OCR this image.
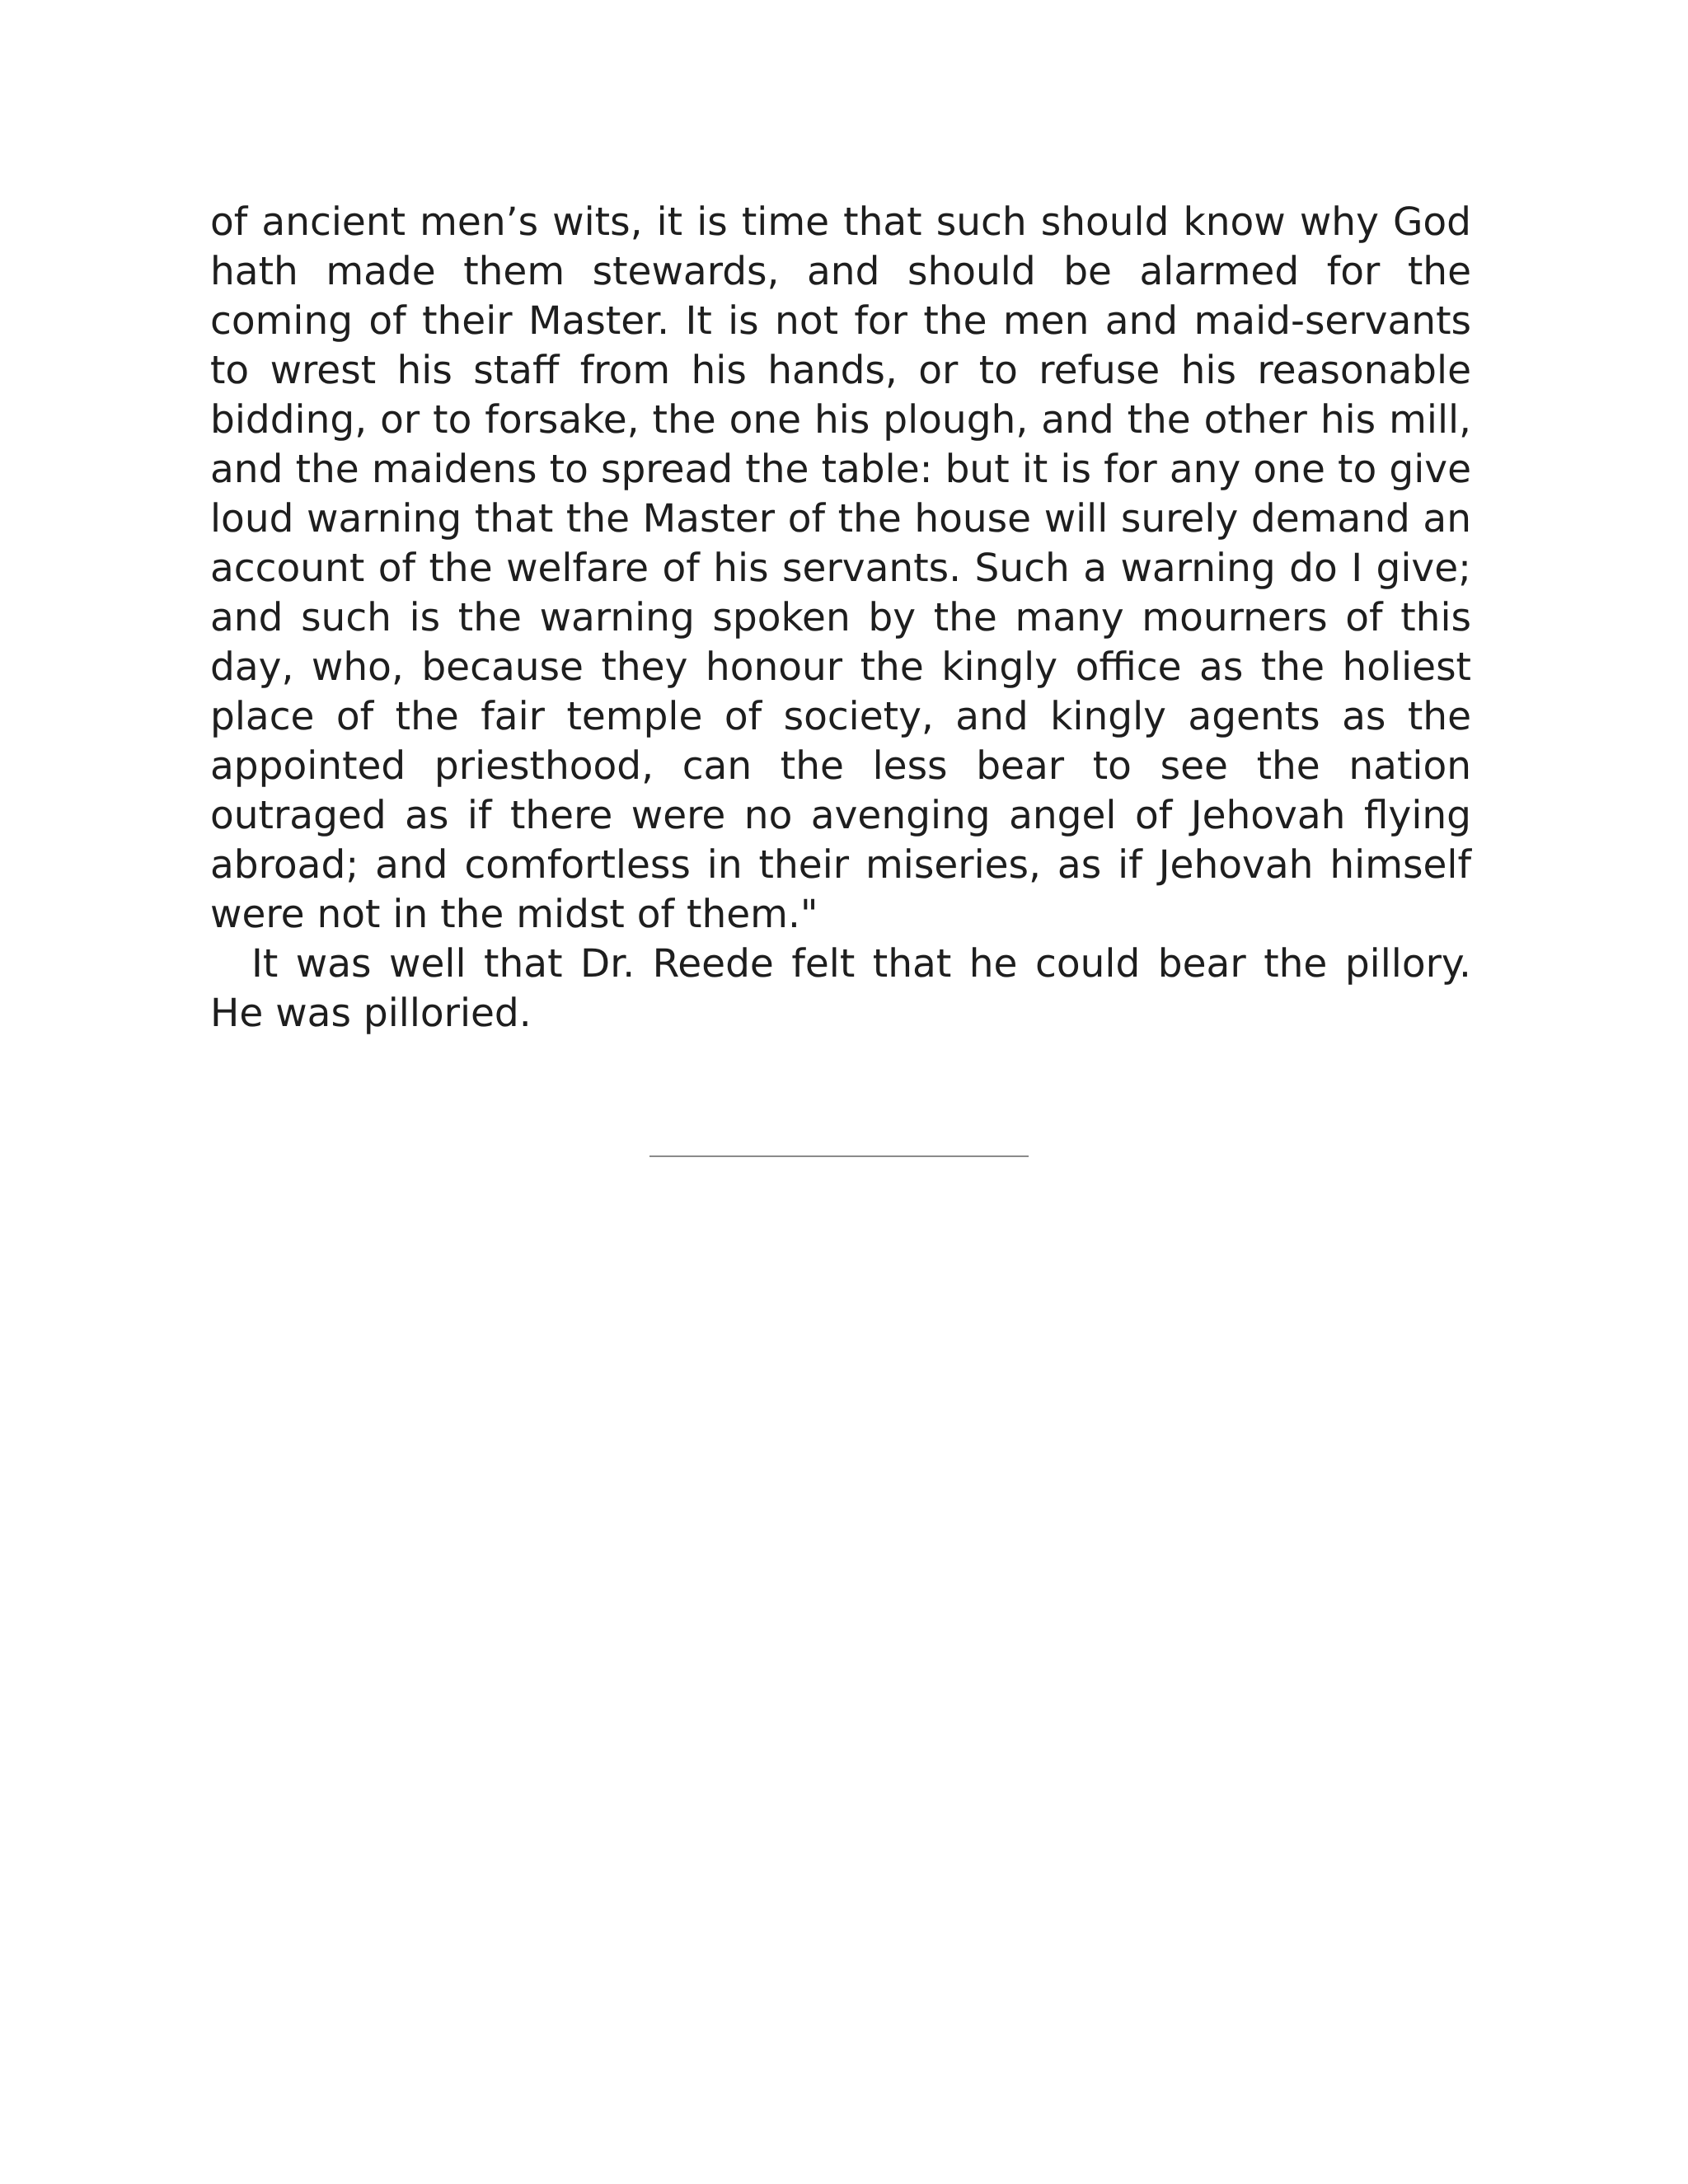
of ancient men’s wits, it is time that such should know why God hath made them stewards, and should be alarmed for the coming of their Master. It is not for the men and maid-servants to wrest his staff from his hands, or to refuse his reasonable bidding, or to forsake, the one his plough, and the other his mill, and the maidens to spread the table: but it is for any one to give loud warning that the Master of the house will surely demand an account of the welfare of his servants. Such a warning do I give; and such is the warning spoken by the many mourners of this day, who, because they honour the kingly office as the holiest place of the fair temple of society, and kingly agents as the appointed priesthood, can the less bear to see the nation outraged as if there were no avenging angel of Jehovah flying abroad; and comfortless in their miseries, as if Jehovah himself were not in the midst of them."

It was well that Dr. Reede felt that he could bear the pillory. He was pilloried.
